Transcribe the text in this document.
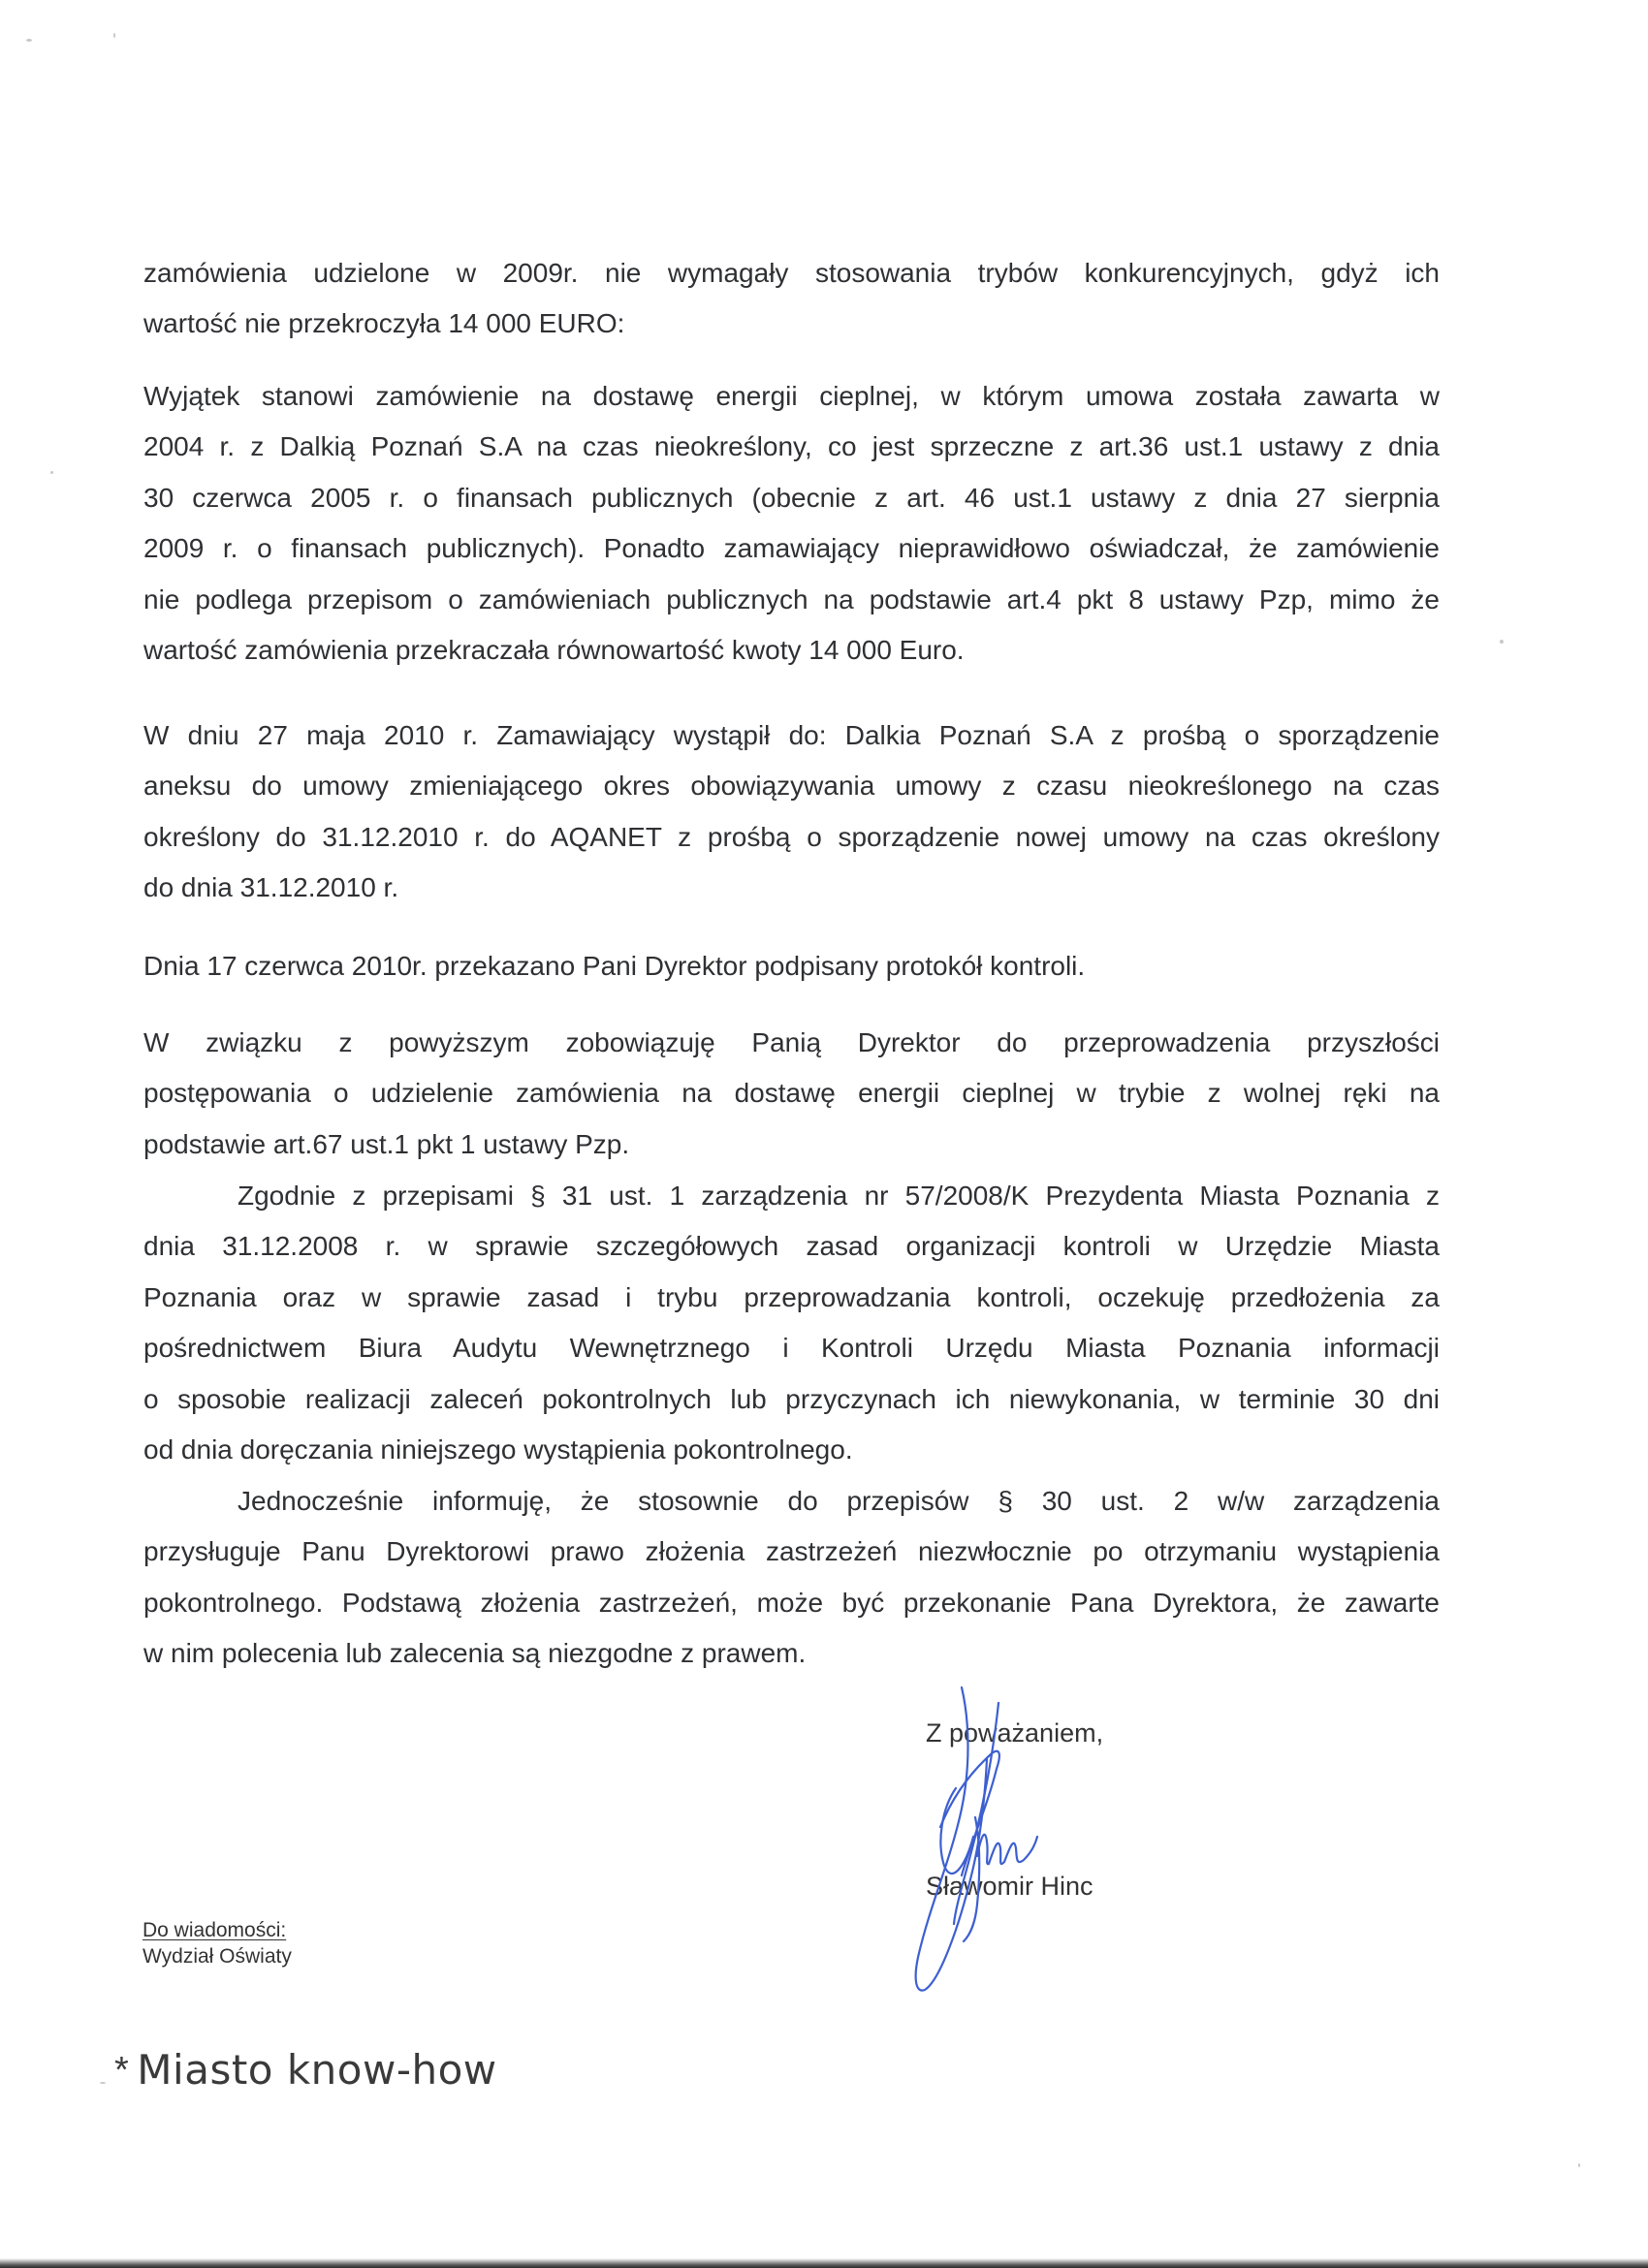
zamówienia udzielone w 2009r. nie wymagały stosowania trybów konkurencyjnych, gdyż ich
wartość nie przekroczyła 14 000 EURO:
Wyjątek stanowi zamówienie na dostawę energii cieplnej, w którym umowa została zawarta w
2004 r. z Dalkią Poznań S.A na czas nieokreślony, co jest sprzeczne z art.36 ust.1 ustawy z dnia
30 czerwca 2005 r. o finansach publicznych (obecnie z art. 46 ust.1 ustawy z dnia 27 sierpnia
2009 r. o finansach publicznych). Ponadto zamawiający nieprawidłowo oświadczał, że zamówienie
nie podlega przepisom o zamówieniach publicznych na podstawie art.4 pkt 8 ustawy Pzp, mimo że
wartość zamówienia przekraczała równowartość kwoty 14 000 Euro.
W dniu 27 maja 2010 r. Zamawiający wystąpił do: Dalkia Poznań S.A z prośbą o sporządzenie
aneksu do umowy zmieniającego okres obowiązywania umowy z czasu nieokreślonego na czas
określony do 31.12.2010 r. do AQANET z prośbą o sporządzenie nowej umowy na czas określony
do dnia 31.12.2010 r.
Dnia 17 czerwca 2010r. przekazano Pani Dyrektor podpisany protokół kontroli.
W związku z powyższym zobowiązuję Panią Dyrektor do przeprowadzenia przyszłości
postępowania o udzielenie zamówienia na dostawę energii cieplnej w trybie z wolnej ręki na
podstawie art.67 ust.1 pkt 1 ustawy Pzp.
Zgodnie z przepisami § 31 ust. 1 zarządzenia nr 57/2008/K Prezydenta Miasta Poznania z
dnia 31.12.2008 r. w sprawie szczegółowych zasad organizacji kontroli w Urzędzie Miasta
Poznania oraz w sprawie zasad i trybu przeprowadzania kontroli, oczekuję przedłożenia za
pośrednictwem Biura Audytu Wewnętrznego i Kontroli Urzędu Miasta Poznania informacji
o sposobie realizacji zaleceń pokontrolnych lub przyczynach ich niewykonania, w terminie 30 dni
od dnia doręczania niniejszego wystąpienia pokontrolnego.
Jednocześnie informuję, że stosownie do przepisów § 30 ust. 2 w/w zarządzenia
przysługuje Panu Dyrektorowi prawo złożenia zastrzeżeń niezwłocznie po otrzymaniu wystąpienia
pokontrolnego. Podstawą złożenia zastrzeżeń, może być przekonanie Pana Dyrektora, że zawarte
w nim polecenia lub zalecenia są niezgodne z prawem.
Z poważaniem,
Sławomir Hinc
Do wiadomości:
Wydział Oświaty
* Miasto know-how
